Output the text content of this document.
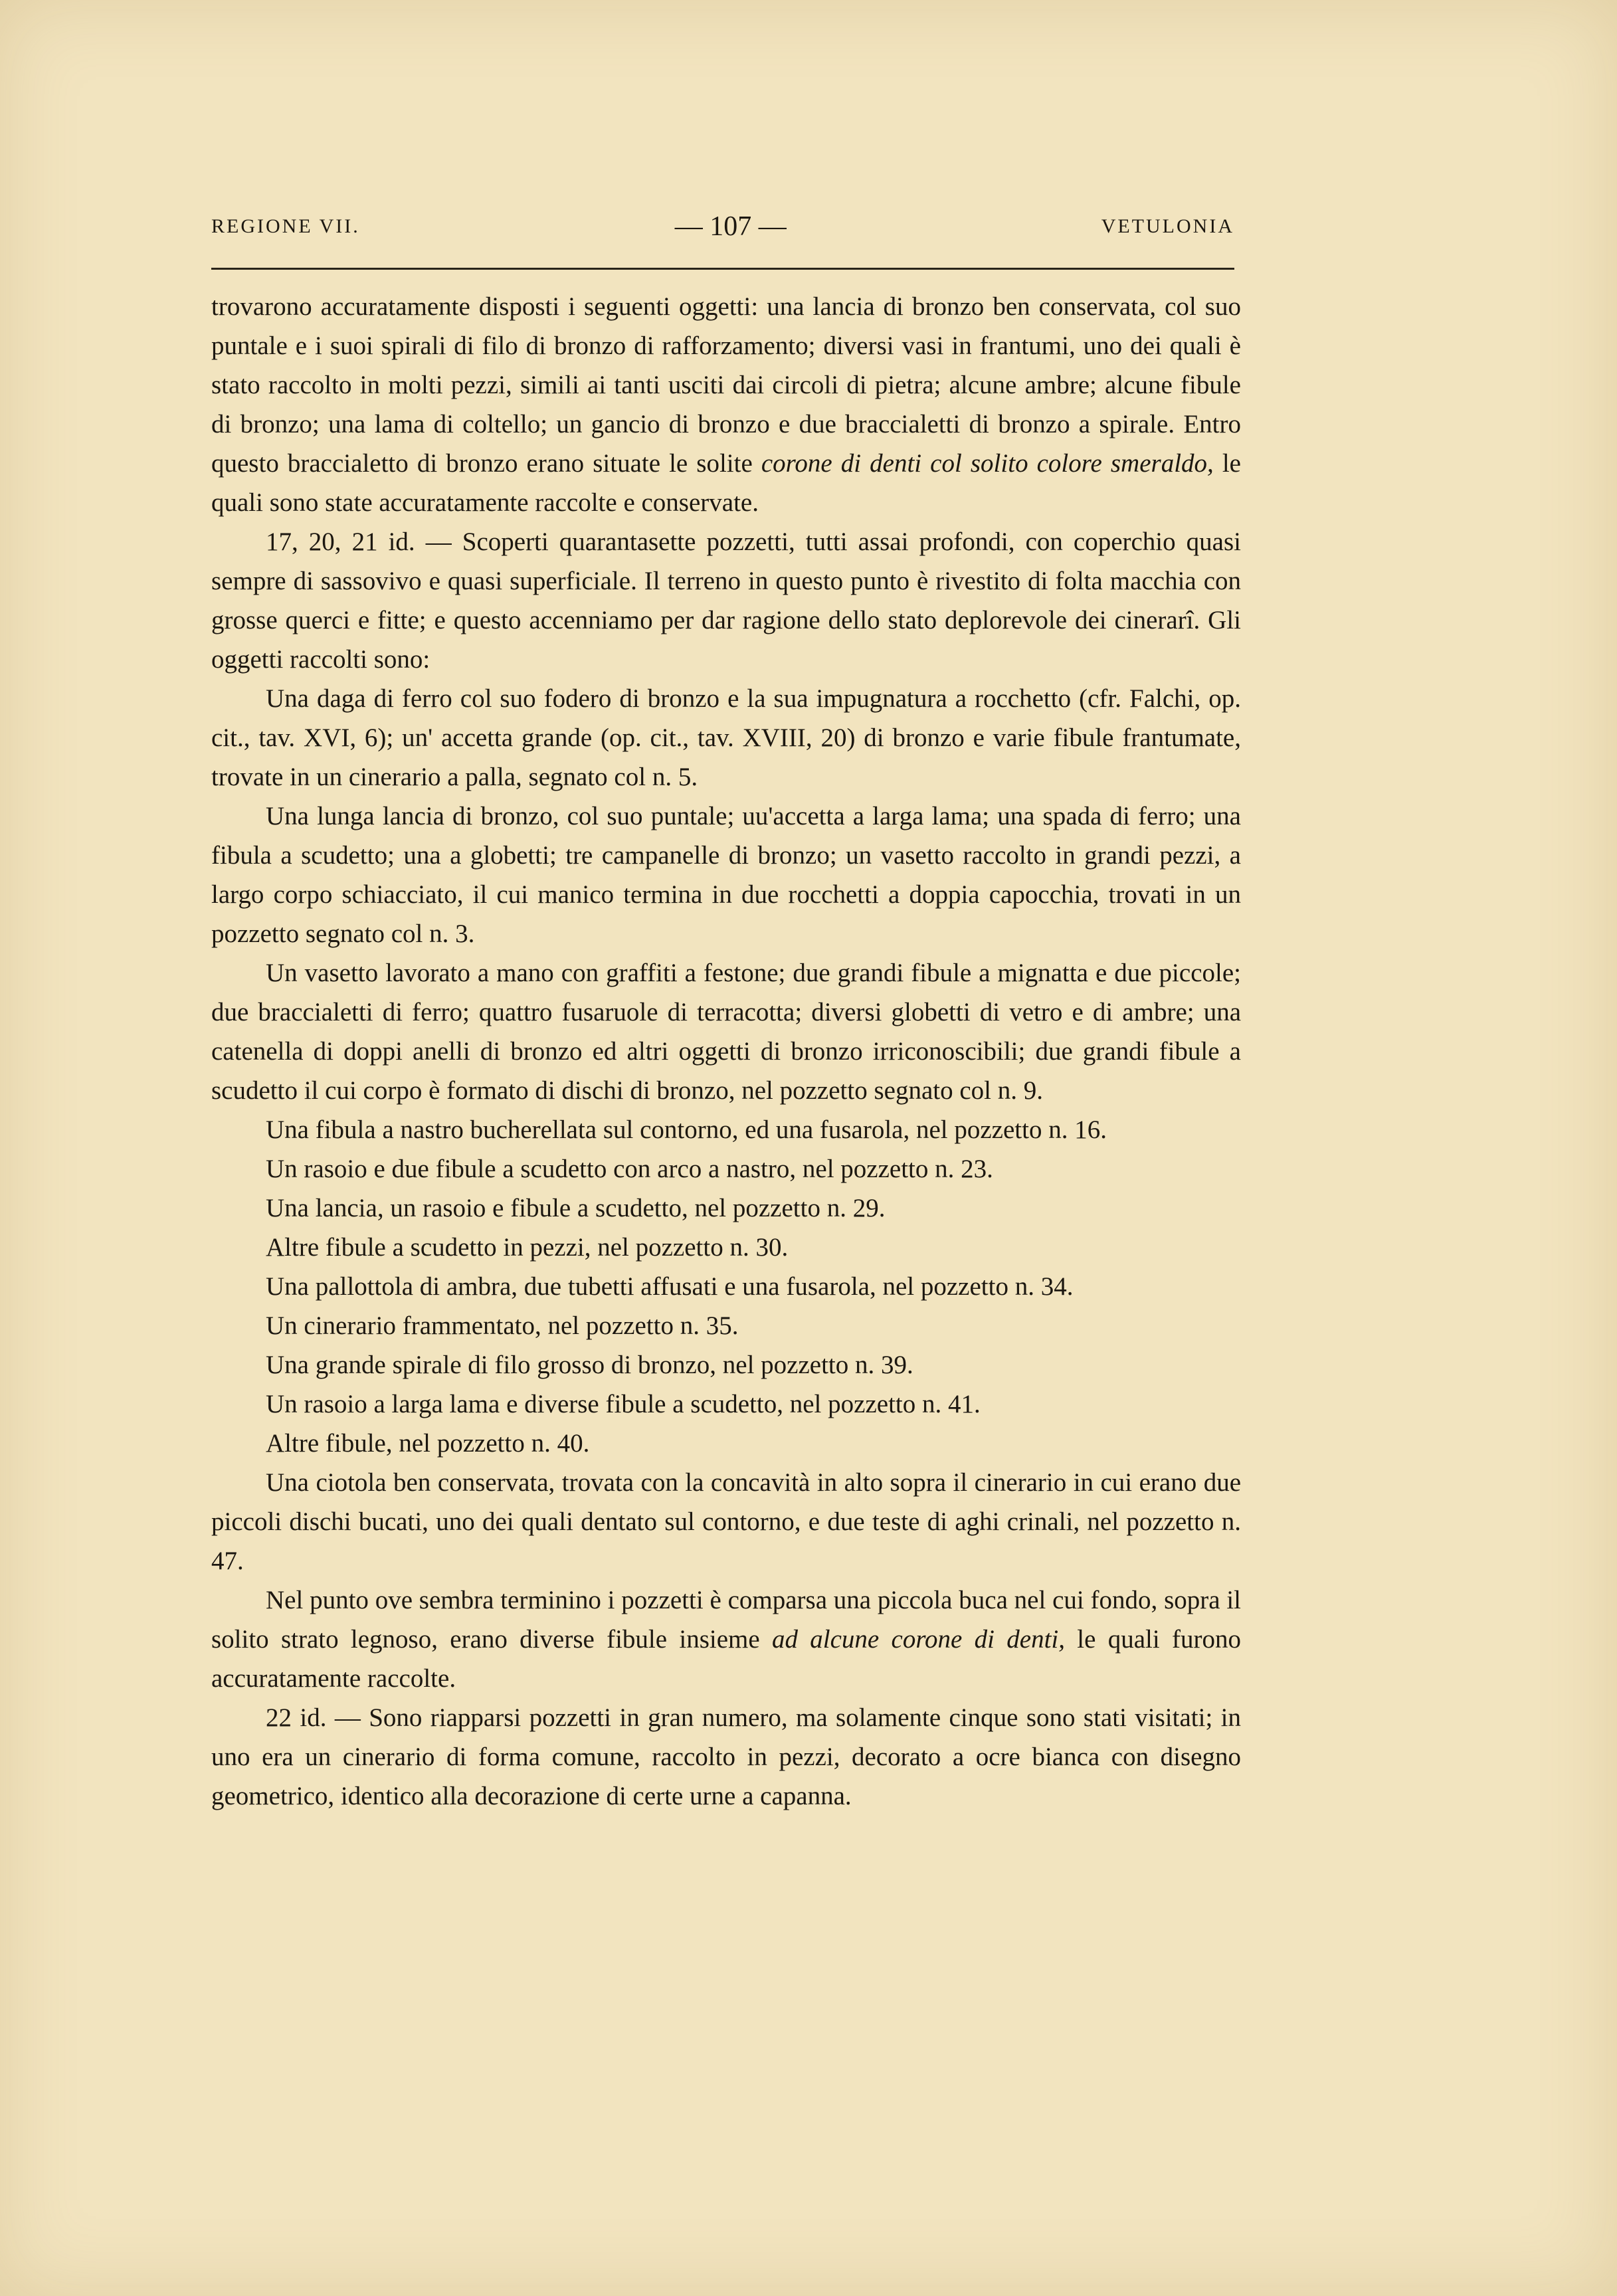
REGIONE VII.	— 107 —	VETULONIA

trovarono accuratamente disposti i seguenti oggetti: una lancia di bronzo ben conservata, col suo puntale e i suoi spirali di filo di bronzo di rafforzamento; diversi vasi in frantumi, uno dei quali è stato raccolto in molti pezzi, simili ai tanti usciti dai circoli di pietra; alcune ambre; alcune fibule di bronzo; una lama di coltello; un gancio di bronzo e due braccialetti di bronzo a spirale. Entro questo braccialetto di bronzo erano situate le solite corone di denti col solito colore smeraldo, le quali sono state accuratamente raccolte e conservate.

17, 20, 21 id. — Scoperti quarantasette pozzetti, tutti assai profondi, con coperchio quasi sempre di sassovivo e quasi superficiale. Il terreno in questo punto è rivestito di folta macchia con grosse querci e fitte; e questo accenniamo per dar ragione dello stato deplorevole dei cinerarî. Gli oggetti raccolti sono:

Una daga di ferro col suo fodero di bronzo e la sua impugnatura a rocchetto (cfr. Falchi, op. cit., tav. XVI, 6); un' accetta grande (op. cit., tav. XVIII, 20) di bronzo e varie fibule frantumate, trovate in un cinerario a palla, segnato col n. 5.

Una lunga lancia di bronzo, col suo puntale; uu'accetta a larga lama; una spada di ferro; una fibula a scudetto; una a globetti; tre campanelle di bronzo; un vasetto raccolto in grandi pezzi, a largo corpo schiacciato, il cui manico termina in due rocchetti a doppia capocchia, trovati in un pozzetto segnato col n. 3.

Un vasetto lavorato a mano con graffiti a festone; due grandi fibule a mignatta e due piccole; due braccialetti di ferro; quattro fusaruole di terracotta; diversi globetti di vetro e di ambre; una catenella di doppi anelli di bronzo ed altri oggetti di bronzo irriconoscibili; due grandi fibule a scudetto il cui corpo è formato di dischi di bronzo, nel pozzetto segnato col n. 9.

Una fibula a nastro bucherellata sul contorno, ed una fusarola, nel pozzetto n. 16.

Un rasoio e due fibule a scudetto con arco a nastro, nel pozzetto n. 23.

Una lancia, un rasoio e fibule a scudetto, nel pozzetto n. 29.

Altre fibule a scudetto in pezzi, nel pozzetto n. 30.

Una pallottola di ambra, due tubetti affusati e una fusarola, nel pozzetto n. 34.

Un cinerario frammentato, nel pozzetto n. 35.

Una grande spirale di filo grosso di bronzo, nel pozzetto n. 39.

Un rasoio a larga lama e diverse fibule a scudetto, nel pozzetto n. 41.

Altre fibule, nel pozzetto n. 40.

Una ciotola ben conservata, trovata con la concavità in alto sopra il cinerario in cui erano due piccoli dischi bucati, uno dei quali dentato sul contorno, e due teste di aghi crinali, nel pozzetto n. 47.

Nel punto ove sembra terminino i pozzetti è comparsa una piccola buca nel cui fondo, sopra il solito strato legnoso, erano diverse fibule insieme ad alcune corone di denti, le quali furono accuratamente raccolte.

22 id. — Sono riapparsi pozzetti in gran numero, ma solamente cinque sono stati visitati; in uno era un cinerario di forma comune, raccolto in pezzi, decorato a ocre bianca con disegno geometrico, identico alla decorazione di certe urne a capanna.
